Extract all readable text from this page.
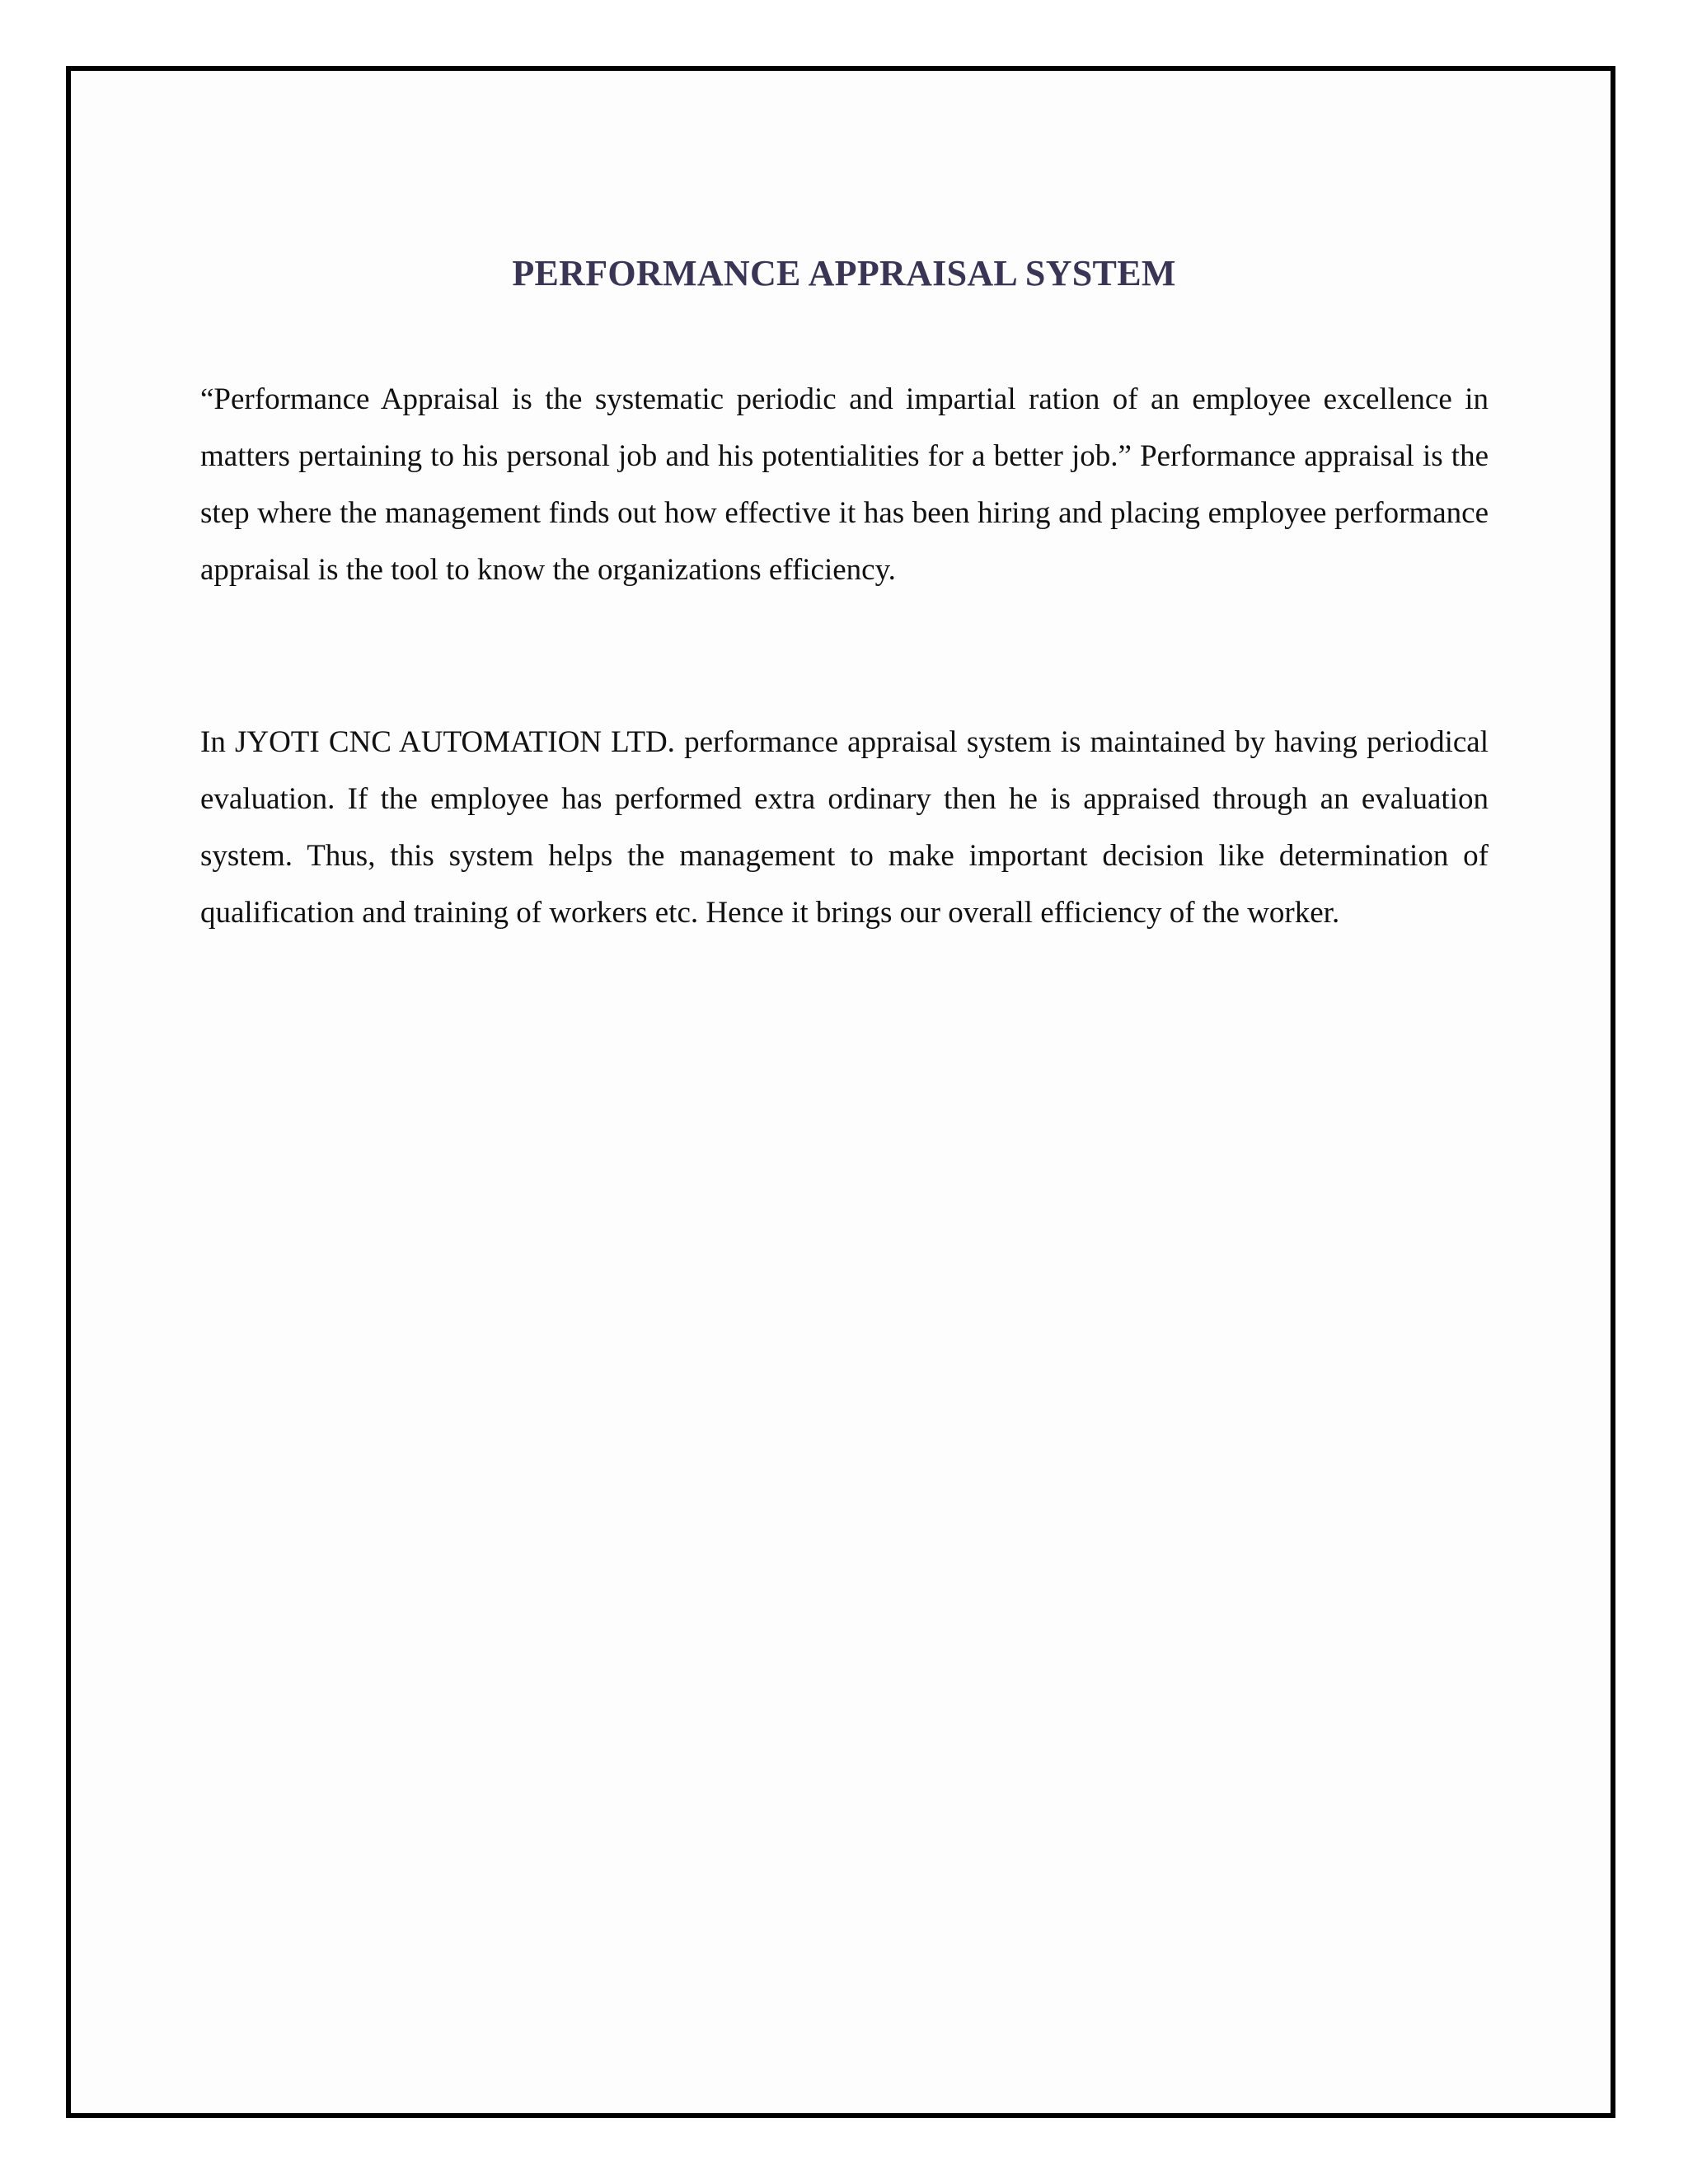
PERFORMANCE APPRAISAL SYSTEM

“Performance Appraisal is the systematic periodic and impartial ration of an employee excellence in matters pertaining to his personal job and his potentialities for a better job.” Performance appraisal is the step where the management finds out how effective it has been hiring and placing employee performance appraisal is the tool to know the organizations efficiency.

In JYOTI CNC AUTOMATION LTD. performance appraisal system is maintained by having periodical evaluation. If the employee has performed extra ordinary then he is appraised through an evaluation system. Thus, this system helps the management to make important decision like determination of qualification and training of workers etc. Hence it brings our overall efficiency of the worker.
